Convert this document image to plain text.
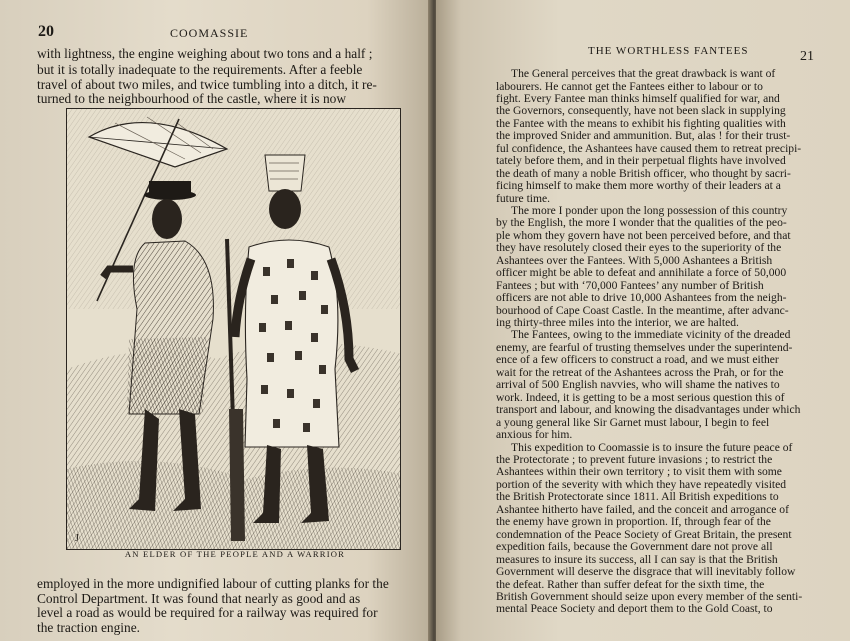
20	COOMASSIE
with lightness, the engine weighing about two tons and a half ;
but it is totally inadequate to the requirements. After a feeble
travel of about two miles, and twice tumbling into a ditch, it re-
turned to the neighbourhood of the castle, where it is now
J
AN ELDER OF THE PEOPLE AND A WARRIOR
employed in the more undignified labour of cutting planks for the
Control Department. It was found that nearly as good and as
level a road as would be required for a railway was required for
the traction engine.
THE WORTHLESS FANTEES	21
The General perceives that the great drawback is want of
labourers. He cannot get the Fantees either to labour or to
fight. Every Fantee man thinks himself qualified for war, and
the Governors, consequently, have not been slack in supplying
the Fantee with the means to exhibit his fighting qualities with
the improved Snider and ammunition. But, alas ! for their trust-
ful confidence, the Ashantees have caused them to retreat precipi-
tately before them, and in their perpetual flights have involved
the death of many a noble British officer, who thought by sacri-
ficing himself to make them more worthy of their leaders at a
future time.
The more I ponder upon the long possession of this country
by the English, the more I wonder that the qualities of the peo-
ple whom they govern have not been perceived before, and that
they have resolutely closed their eyes to the superiority of the
Ashantees over the Fantees. With 5,000 Ashantees a British
officer might be able to defeat and annihilate a force of 50,000
Fantees ; but with ‘70,000 Fantees’ any number of British
officers are not able to drive 10,000 Ashantees from the neigh-
bourhood of Cape Coast Castle. In the meantime, after advanc-
ing thirty-three miles into the interior, we are halted.
The Fantees, owing to the immediate vicinity of the dreaded
enemy, are fearful of trusting themselves under the superintend-
ence of a few officers to construct a road, and we must either
wait for the retreat of the Ashantees across the Prah, or for the
arrival of 500 English navvies, who will shame the natives to
work. Indeed, it is getting to be a most serious question this of
transport and labour, and knowing the disadvantages under which
a young general like Sir Garnet must labour, I begin to feel
anxious for him.
This expedition to Coomassie is to insure the future peace of
the Protectorate ; to prevent future invasions ; to restrict the
Ashantees within their own territory ; to visit them with some
portion of the severity with which they have repeatedly visited
the British Protectorate since 1811. All British expeditions to
Ashantee hitherto have failed, and the conceit and arrogance of
the enemy have grown in proportion. If, through fear of the
condemnation of the Peace Society of Great Britain, the present
expedition fails, because the Government dare not prove all
measures to insure its success, all I can say is that the British
Government will deserve the disgrace that will inevitably follow
the defeat. Rather than suffer defeat for the sixth time, the
British Government should seize upon every member of the senti-
mental Peace Society and deport them to the Gold Coast, to
